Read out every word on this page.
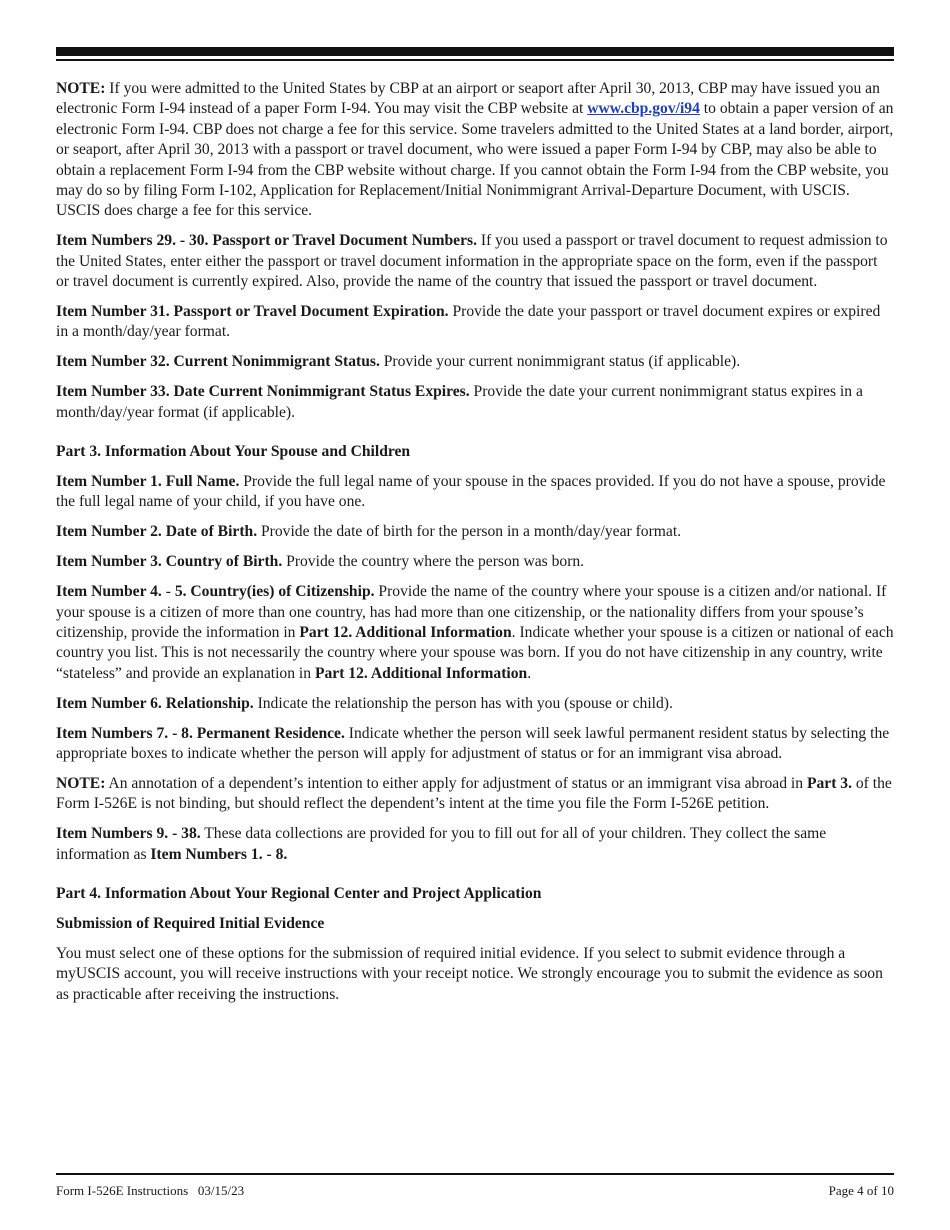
NOTE: If you were admitted to the United States by CBP at an airport or seaport after April 30, 2013, CBP may have issued you an electronic Form I-94 instead of a paper Form I-94. You may visit the CBP website at www.cbp.gov/i94 to obtain a paper version of an electronic Form I-94. CBP does not charge a fee for this service. Some travelers admitted to the United States at a land border, airport, or seaport, after April 30, 2013 with a passport or travel document, who were issued a paper Form I-94 by CBP, may also be able to obtain a replacement Form I-94 from the CBP website without charge. If you cannot obtain the Form I-94 from the CBP website, you may do so by filing Form I-102, Application for Replacement/Initial Nonimmigrant Arrival-Departure Document, with USCIS. USCIS does charge a fee for this service.

Item Numbers 29. - 30. Passport or Travel Document Numbers. If you used a passport or travel document to request admission to the United States, enter either the passport or travel document information in the appropriate space on the form, even if the passport or travel document is currently expired. Also, provide the name of the country that issued the passport or travel document.

Item Number 31. Passport or Travel Document Expiration. Provide the date your passport or travel document expires or expired in a month/day/year format.

Item Number 32. Current Nonimmigrant Status. Provide your current nonimmigrant status (if applicable).

Item Number 33. Date Current Nonimmigrant Status Expires. Provide the date your current nonimmigrant status expires in a month/day/year format (if applicable).

Part 3. Information About Your Spouse and Children

Item Number 1. Full Name. Provide the full legal name of your spouse in the spaces provided. If you do not have a spouse, provide the full legal name of your child, if you have one.

Item Number 2. Date of Birth. Provide the date of birth for the person in a month/day/year format.

Item Number 3. Country of Birth. Provide the country where the person was born.

Item Number 4. - 5. Country(ies) of Citizenship. Provide the name of the country where your spouse is a citizen and/or national. If your spouse is a citizen of more than one country, has had more than one citizenship, or the nationality differs from your spouse’s citizenship, provide the information in Part 12. Additional Information. Indicate whether your spouse is a citizen or national of each country you list. This is not necessarily the country where your spouse was born. If you do not have citizenship in any country, write “stateless” and provide an explanation in Part 12. Additional Information.

Item Number 6. Relationship. Indicate the relationship the person has with you (spouse or child).

Item Numbers 7. - 8. Permanent Residence. Indicate whether the person will seek lawful permanent resident status by selecting the appropriate boxes to indicate whether the person will apply for adjustment of status or for an immigrant visa abroad.

NOTE: An annotation of a dependent’s intention to either apply for adjustment of status or an immigrant visa abroad in Part 3. of the Form I-526E is not binding, but should reflect the dependent’s intent at the time you file the Form I-526E petition.

Item Numbers 9. - 38. These data collections are provided for you to fill out for all of your children. They collect the same information as Item Numbers 1. - 8.

Part 4. Information About Your Regional Center and Project Application

Submission of Required Initial Evidence

You must select one of these options for the submission of required initial evidence. If you select to submit evidence through a myUSCIS account, you will receive instructions with your receipt notice. We strongly encourage you to submit the evidence as soon as practicable after receiving the instructions.

Form I-526E Instructions   03/15/23	Page 4 of 10
